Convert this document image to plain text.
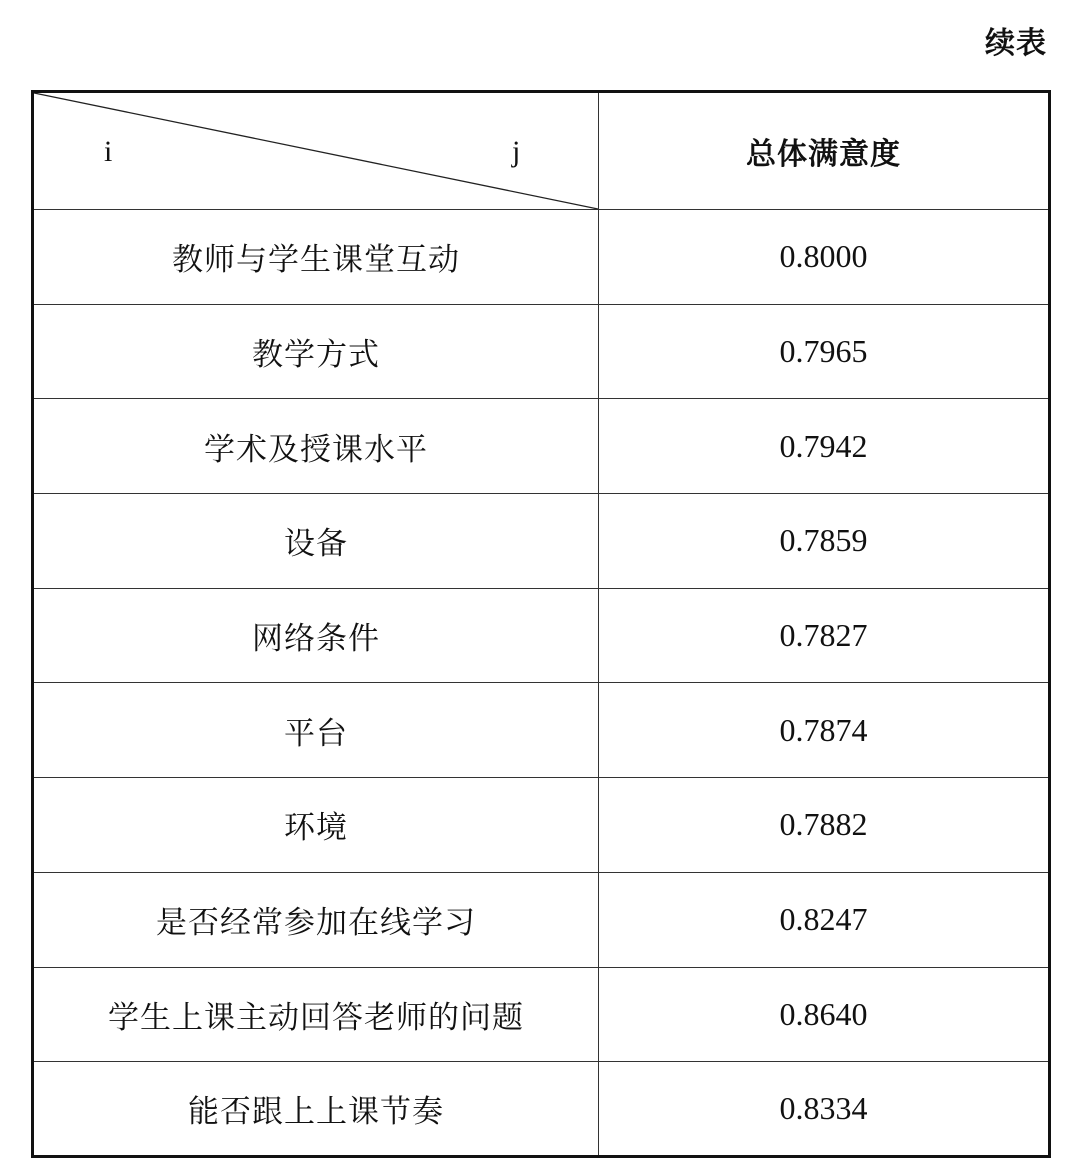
续表
i j	总体满意度
教师与学生课堂互动	0.8000
教学方式	0.7965
学术及授课水平	0.7942
设备	0.7859
网络条件	0.7827
平台	0.7874
环境	0.7882
是否经常参加在线学习	0.8247
学生上课主动回答老师的问题	0.8640
能否跟上上课节奏	0.8334
